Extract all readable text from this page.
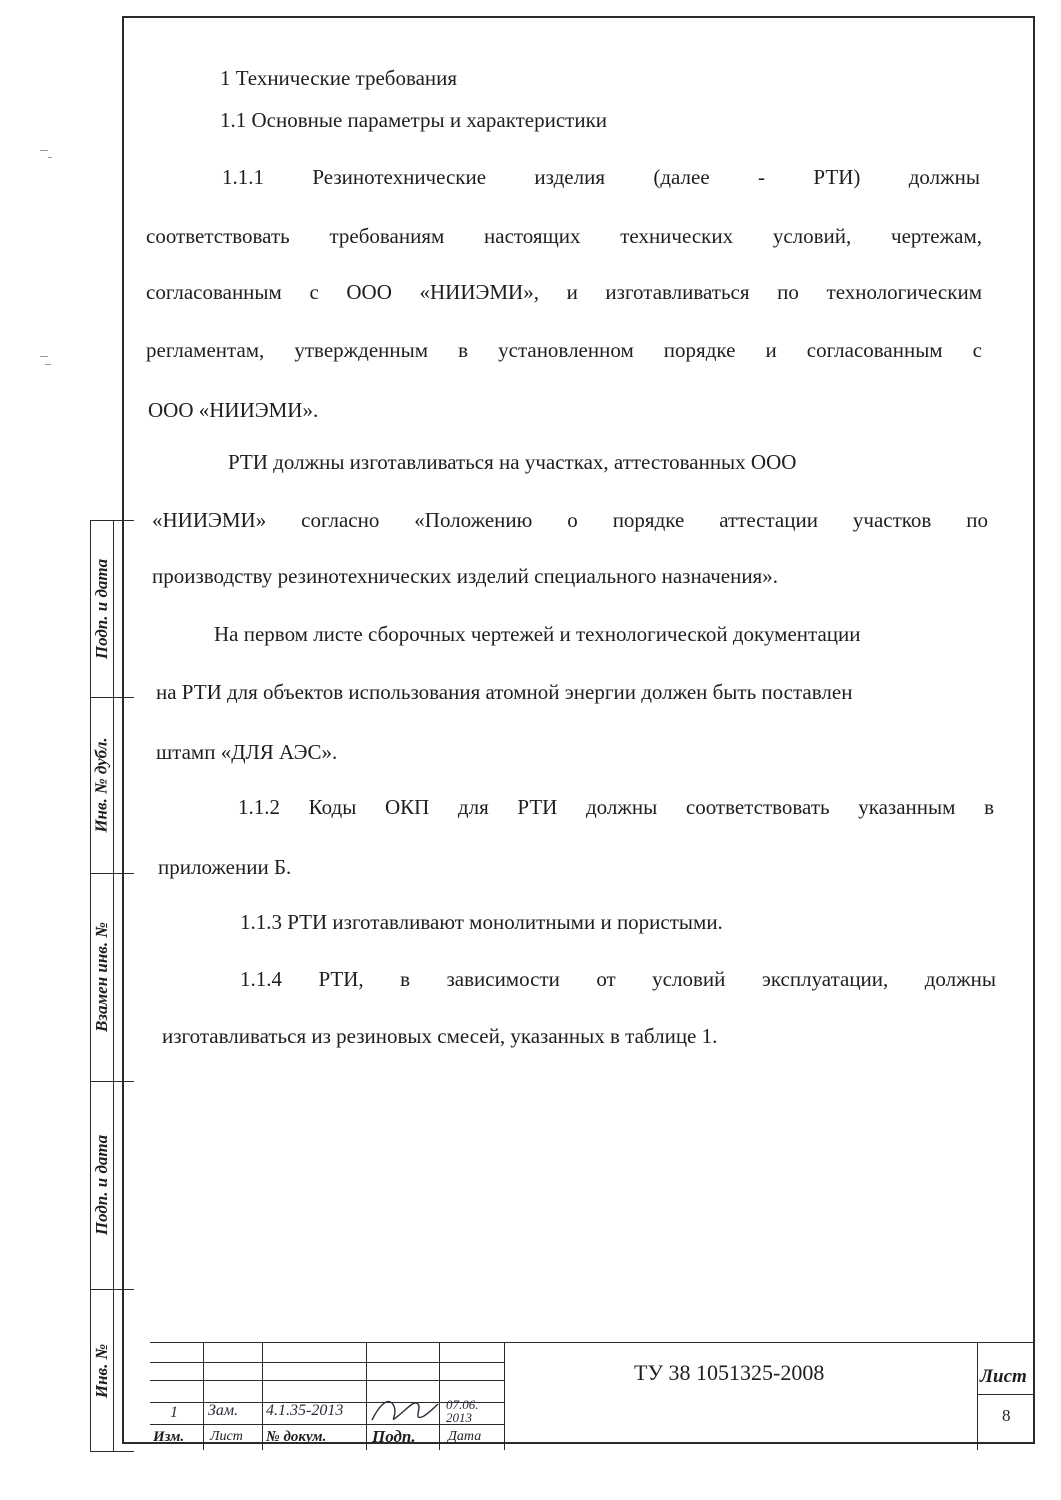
Подп. и дата
Инв. № дубл.
Взамен инв. №
Подп. и дата
Инв. №
1 Технические требования
1.1 Основные параметры и характеристики
1.1.1 Резинотехнические изделия (далее - РТИ) должны
соответствовать требованиям настоящих технических условий, чертежам,
согласованным с ООО «НИИЭМИ», и изготавливаться по технологическим
регламентам, утвержденным в установленном порядке и согласованным с
ООО «НИИЭМИ».
РТИ должны изготавливаться на участках, аттестованных ООО
«НИИЭМИ» согласно «Положению о порядке аттестации участков по
производству резинотехнических изделий специального назначения».
На первом листе сборочных чертежей и технологической документации
на РТИ для объектов использования атомной энергии должен быть поставлен
штамп «ДЛЯ АЭС».
1.1.2 Коды ОКП для РТИ должны соответствовать указанным в
приложении Б.
1.1.3 РТИ изготавливают монолитными и пористыми.
1.1.4 РТИ, в зависимости от условий эксплуатации, должны
изготавливаться из резиновых смесей, указанных в таблице 1.
ТУ 38 1051325-2008	Лист
8
1 Зам. 4.1.35-2013	07.06. 2013
Изм. Лист № докум.	Подп. Дата
